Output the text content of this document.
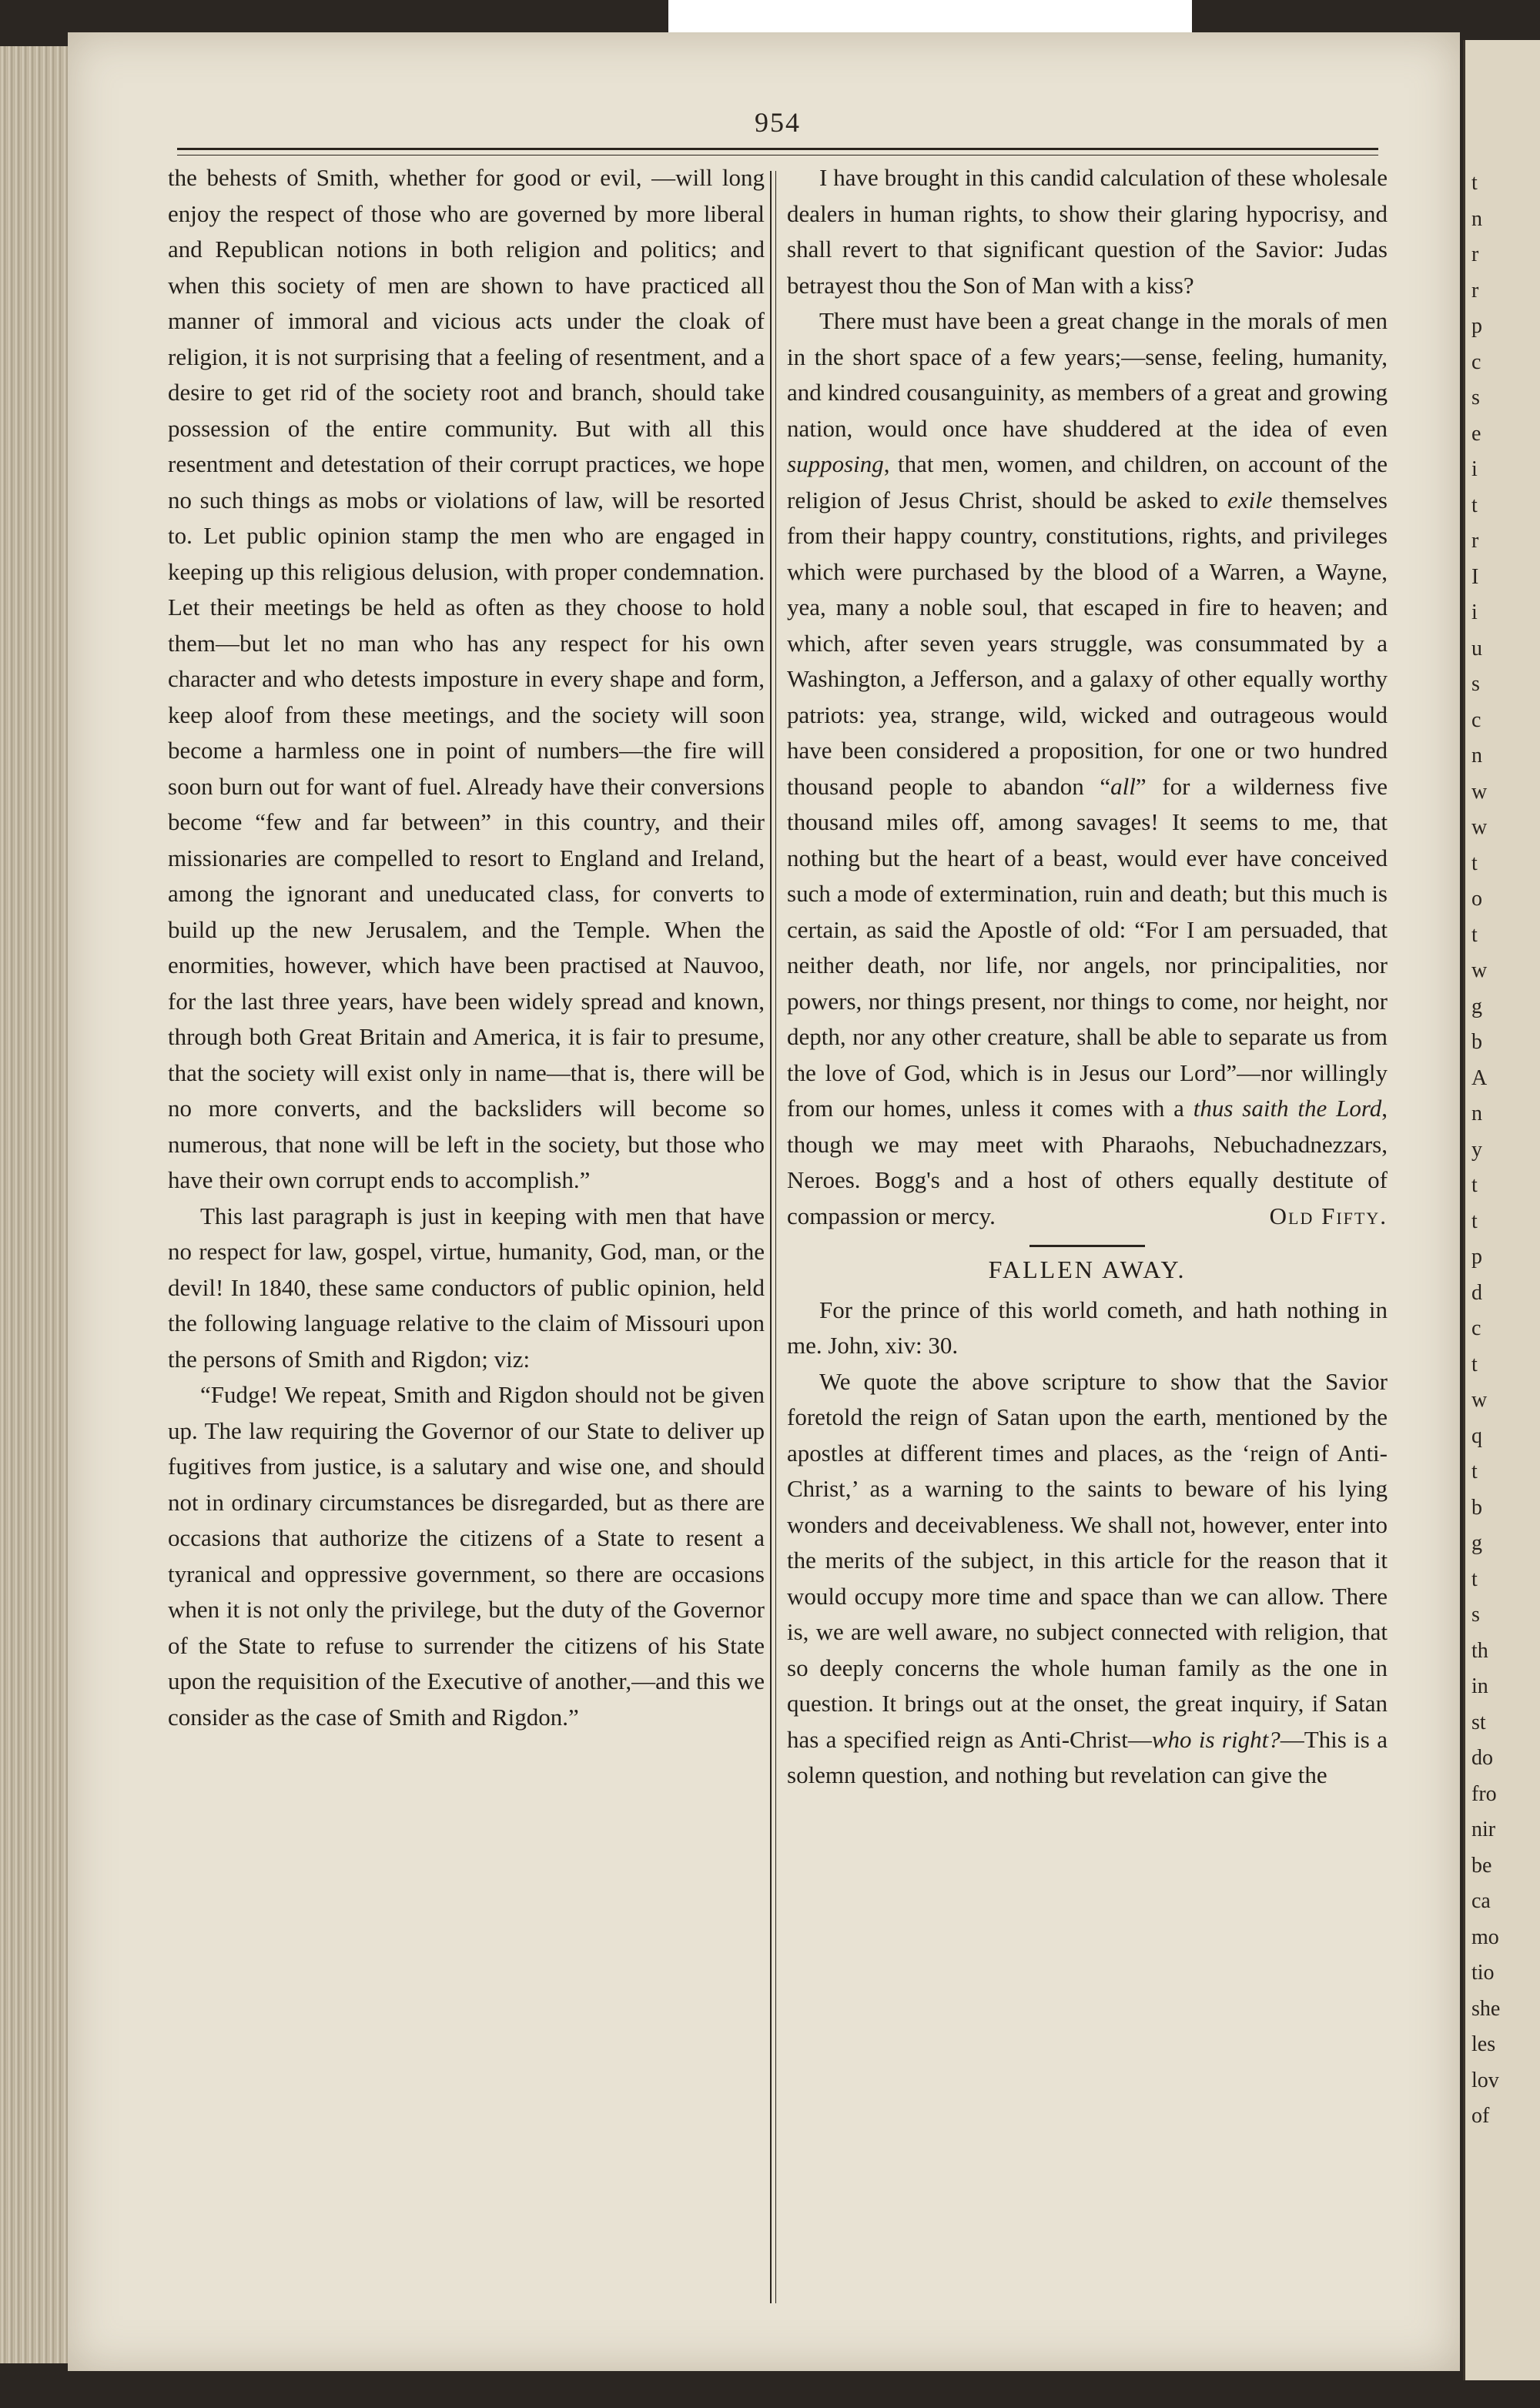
t
n
r
r
p
c
s
e
i
t
r
I
i
u
s
c
n
w
w
t
o
t
w
g
b
A
n
y
t
t
p
d
c
t
w
q
t
b
g
t
s
th
in
st
do
fro
nir
be
ca
mo
tio
she
les
lov
of
954

the behests of Smith, whether for good or evil, —will long enjoy the respect of those who are governed by more liberal and Republican notions in both religion and politics; and when this society of men are shown to have practiced all manner of immoral and vicious acts under the cloak of religion, it is not surprising that a feeling of resentment, and a desire to get rid of the society root and branch, should take possession of the entire community. But with all this resentment and detestation of their corrupt practices, we hope no such things as mobs or violations of law, will be resorted to. Let public opinion stamp the men who are engaged in keeping up this religious delusion, with proper condemnation. Let their meetings be held as often as they choose to hold them—but let no man who has any respect for his own character and who detests imposture in every shape and form, keep aloof from these meetings, and the society will soon become a harmless one in point of numbers—the fire will soon burn out for want of fuel. Already have their conversions become “few and far between” in this country, and their missionaries are compelled to resort to England and Ireland, among the ignorant and uneducated class, for converts to build up the new Jerusalem, and the Temple. When the enormities, however, which have been practised at Nauvoo, for the last three years, have been widely spread and known, through both Great Britain and America, it is fair to presume, that the society will exist only in name—that is, there will be no more converts, and the backsliders will become so numerous, that none will be left in the society, but those who have their own corrupt ends to accomplish.”

This last paragraph is just in keeping with men that have no respect for law, gospel, virtue, humanity, God, man, or the devil! In 1840, these same conductors of public opinion, held the following language relative to the claim of Missouri upon the persons of Smith and Rigdon; viz:

“Fudge! We repeat, Smith and Rigdon should not be given up. The law requiring the Governor of our State to deliver up fugitives from justice, is a salutary and wise one, and should not in ordinary circumstances be disregarded, but as there are occasions that authorize the citizens of a State to resent a tyranical and oppressive government, so there are occasions when it is not only the privilege, but the duty of the Governor of the State to refuse to surrender the citizens of his State upon the requisition of the Executive of another,—and this we consider as the case of Smith and Rigdon.”

I have brought in this candid calculation of these wholesale dealers in human rights, to show their glaring hypocrisy, and shall revert to that significant question of the Savior: Judas betrayest thou the Son of Man with a kiss?

There must have been a great change in the morals of men in the short space of a few years;—sense, feeling, humanity, and kindred cousanguinity, as members of a great and growing nation, would once have shuddered at the idea of even supposing, that men, women, and children, on account of the religion of Jesus Christ, should be asked to exile themselves from their happy country, constitutions, rights, and privileges which were purchased by the blood of a Warren, a Wayne, yea, many a noble soul, that escaped in fire to heaven; and which, after seven years struggle, was consummated by a Washington, a Jefferson, and a galaxy of other equally worthy patriots: yea, strange, wild, wicked and outrageous would have been considered a proposition, for one or two hundred thousand people to abandon “all” for a wilderness five thousand miles off, among savages! It seems to me, that nothing but the heart of a beast, would ever have conceived such a mode of extermination, ruin and death; but this much is certain, as said the Apostle of old: “For I am persuaded, that neither death, nor life, nor angels, nor principalities, nor powers, nor things present, nor things to come, nor height, nor depth, nor any other creature, shall be able to separate us from the love of God, which is in Jesus our Lord”—nor willingly from our homes, unless it comes with a thus saith the Lord, though we may meet with Pharaohs, Nebuchadnezzars, Neroes. Bogg's and a host of others equally destitute of compassion or mercy.	Old Fifty.

FALLEN AWAY.

For the prince of this world cometh, and hath nothing in me. John, xiv: 30.

We quote the above scripture to show that the Savior foretold the reign of Satan upon the earth, mentioned by the apostles at different times and places, as the ‘reign of Anti-Christ,’ as a warning to the saints to beware of his lying wonders and deceivableness. We shall not, however, enter into the merits of the subject, in this article for the reason that it would occupy more time and space than we can allow. There is, we are well aware, no subject connected with religion, that so deeply concerns the whole human family as the one in question. It brings out at the onset, the great inquiry, if Satan has a specified reign as Anti-Christ—who is right?—This is a solemn question, and nothing but revelation can give the
